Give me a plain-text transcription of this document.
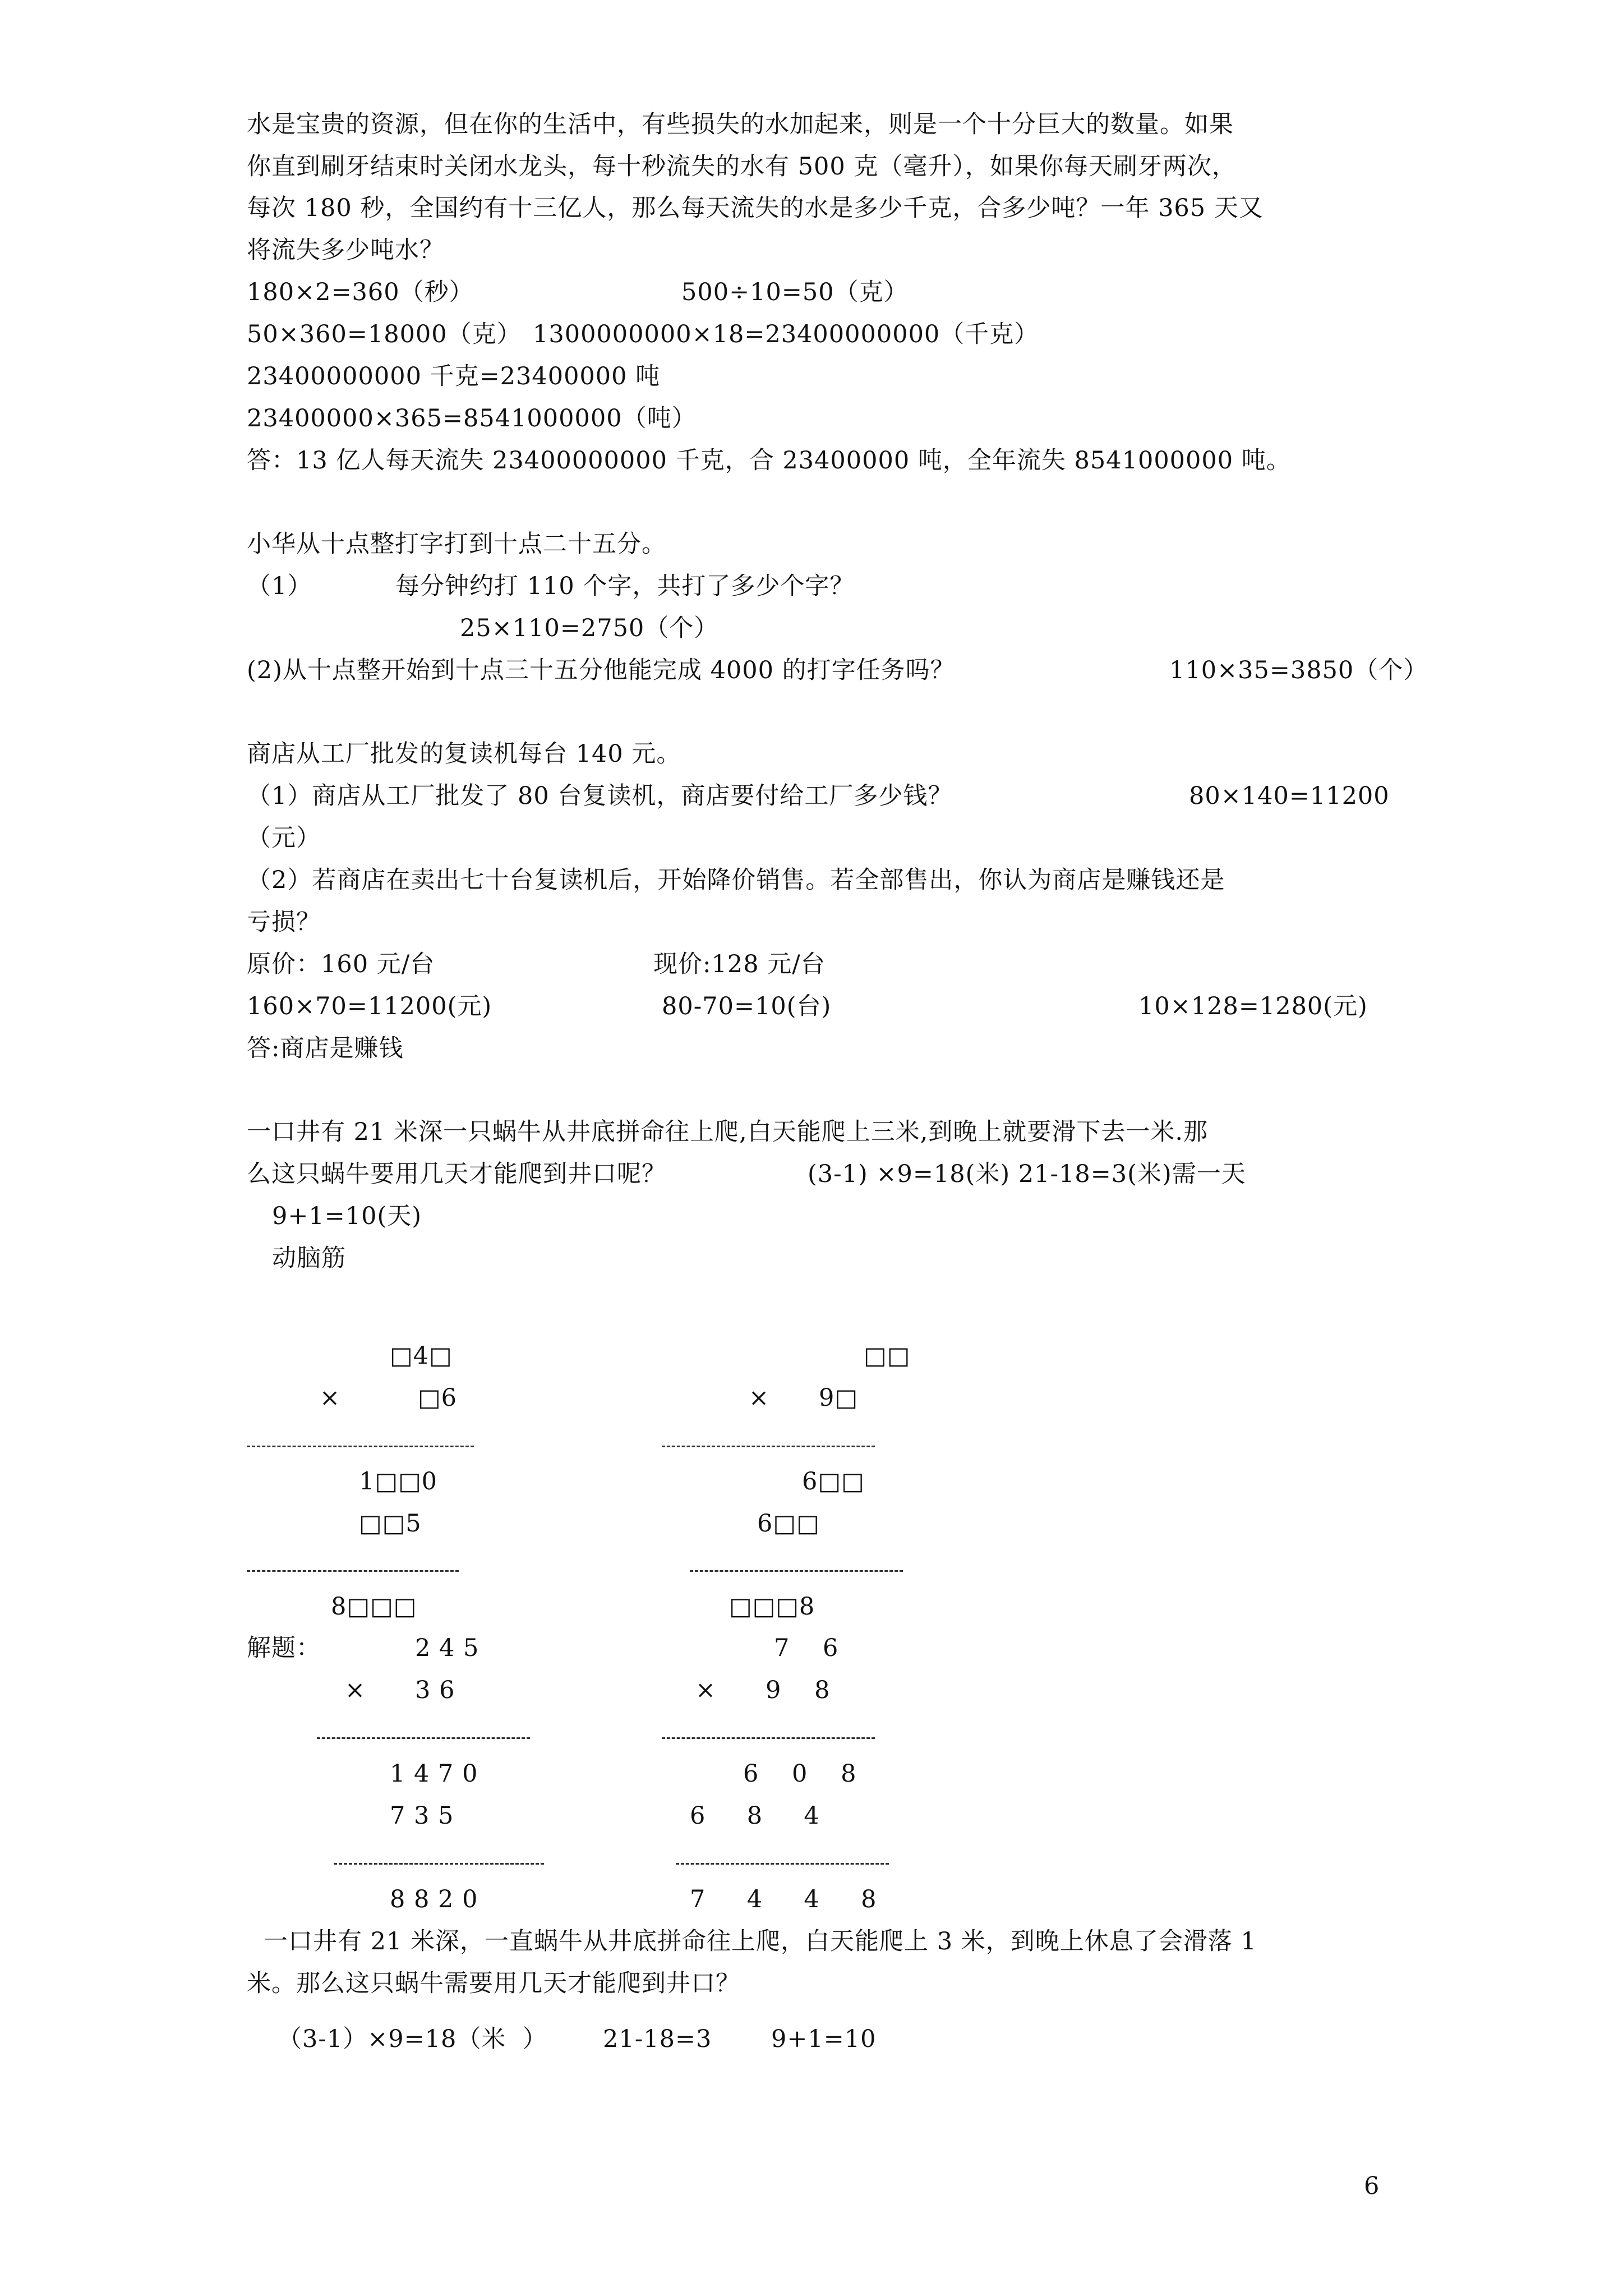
水是宝贵的资源，但在你的生活中，有些损失的水加起来，则是一个十分巨大的数量。如果
你直到刷牙结束时关闭水龙头，每十秒流失的水有 500 克（毫升），如果你每天刷牙两次，
每次 180 秒，全国约有十三亿人，那么每天流失的水是多少千克，合多少吨？一年 365 天又
将流失多少吨水？
180×2=360（秒）	500÷10=50（克）
50×360=18000（克） 1300000000×18=23400000000（千克）
23400000000 千克=23400000 吨
23400000×365=8541000000（吨）
答：13 亿人每天流失 23400000000 千克，合 23400000 吨，全年流失 8541000000 吨。
小华从十点整打字打到十点二十五分。
（1）	每分钟约打 110 个字，共打了多少个字？
25×110=2750（个）
(2)从十点整开始到十点三十五分他能完成 4000 的打字任务吗？	110×35=3850（个）
商店从工厂批发的复读机每台 140 元。
（1）商店从工厂批发了 80 台复读机，商店要付给工厂多少钱？	80×140=11200
（元）
（2）若商店在卖出七十台复读机后，开始降价销售。若全部售出，你认为商店是赚钱还是
亏损？
原价：160 元/台	现价:128 元/台
160×70=11200(元)	80-70=10(台)	10×128=1280(元)
答:商店是赚钱
一口井有 21 米深一只蜗牛从井底拼命往上爬,白天能爬上三米,到晚上就要滑下去一米.那
么这只蜗牛要用几天才能爬到井口呢？	(3-1) ×9=18(米) 21-18=3(米)需一天
9+1=10(天)
动脑筋
□4□
×	□6
1□□0
□□5
8□□□
□□
× 9□
6□□
6□□
□□□8
解题：	2 4 5
×      3 6
1 4 7 0
7 3 5
8 8 2 0
7    6
×      9    8
6    0    8
6     8     4
7     4     4     8
一口井有 21 米深，一直蜗牛从井底拼命往上爬，白天能爬上 3 米，到晚上休息了会滑落 1
米。那么这只蜗牛需要用几天才能爬到井口？
（3-1）×9=18（米  ） 21-18=3 9+1=10
6
